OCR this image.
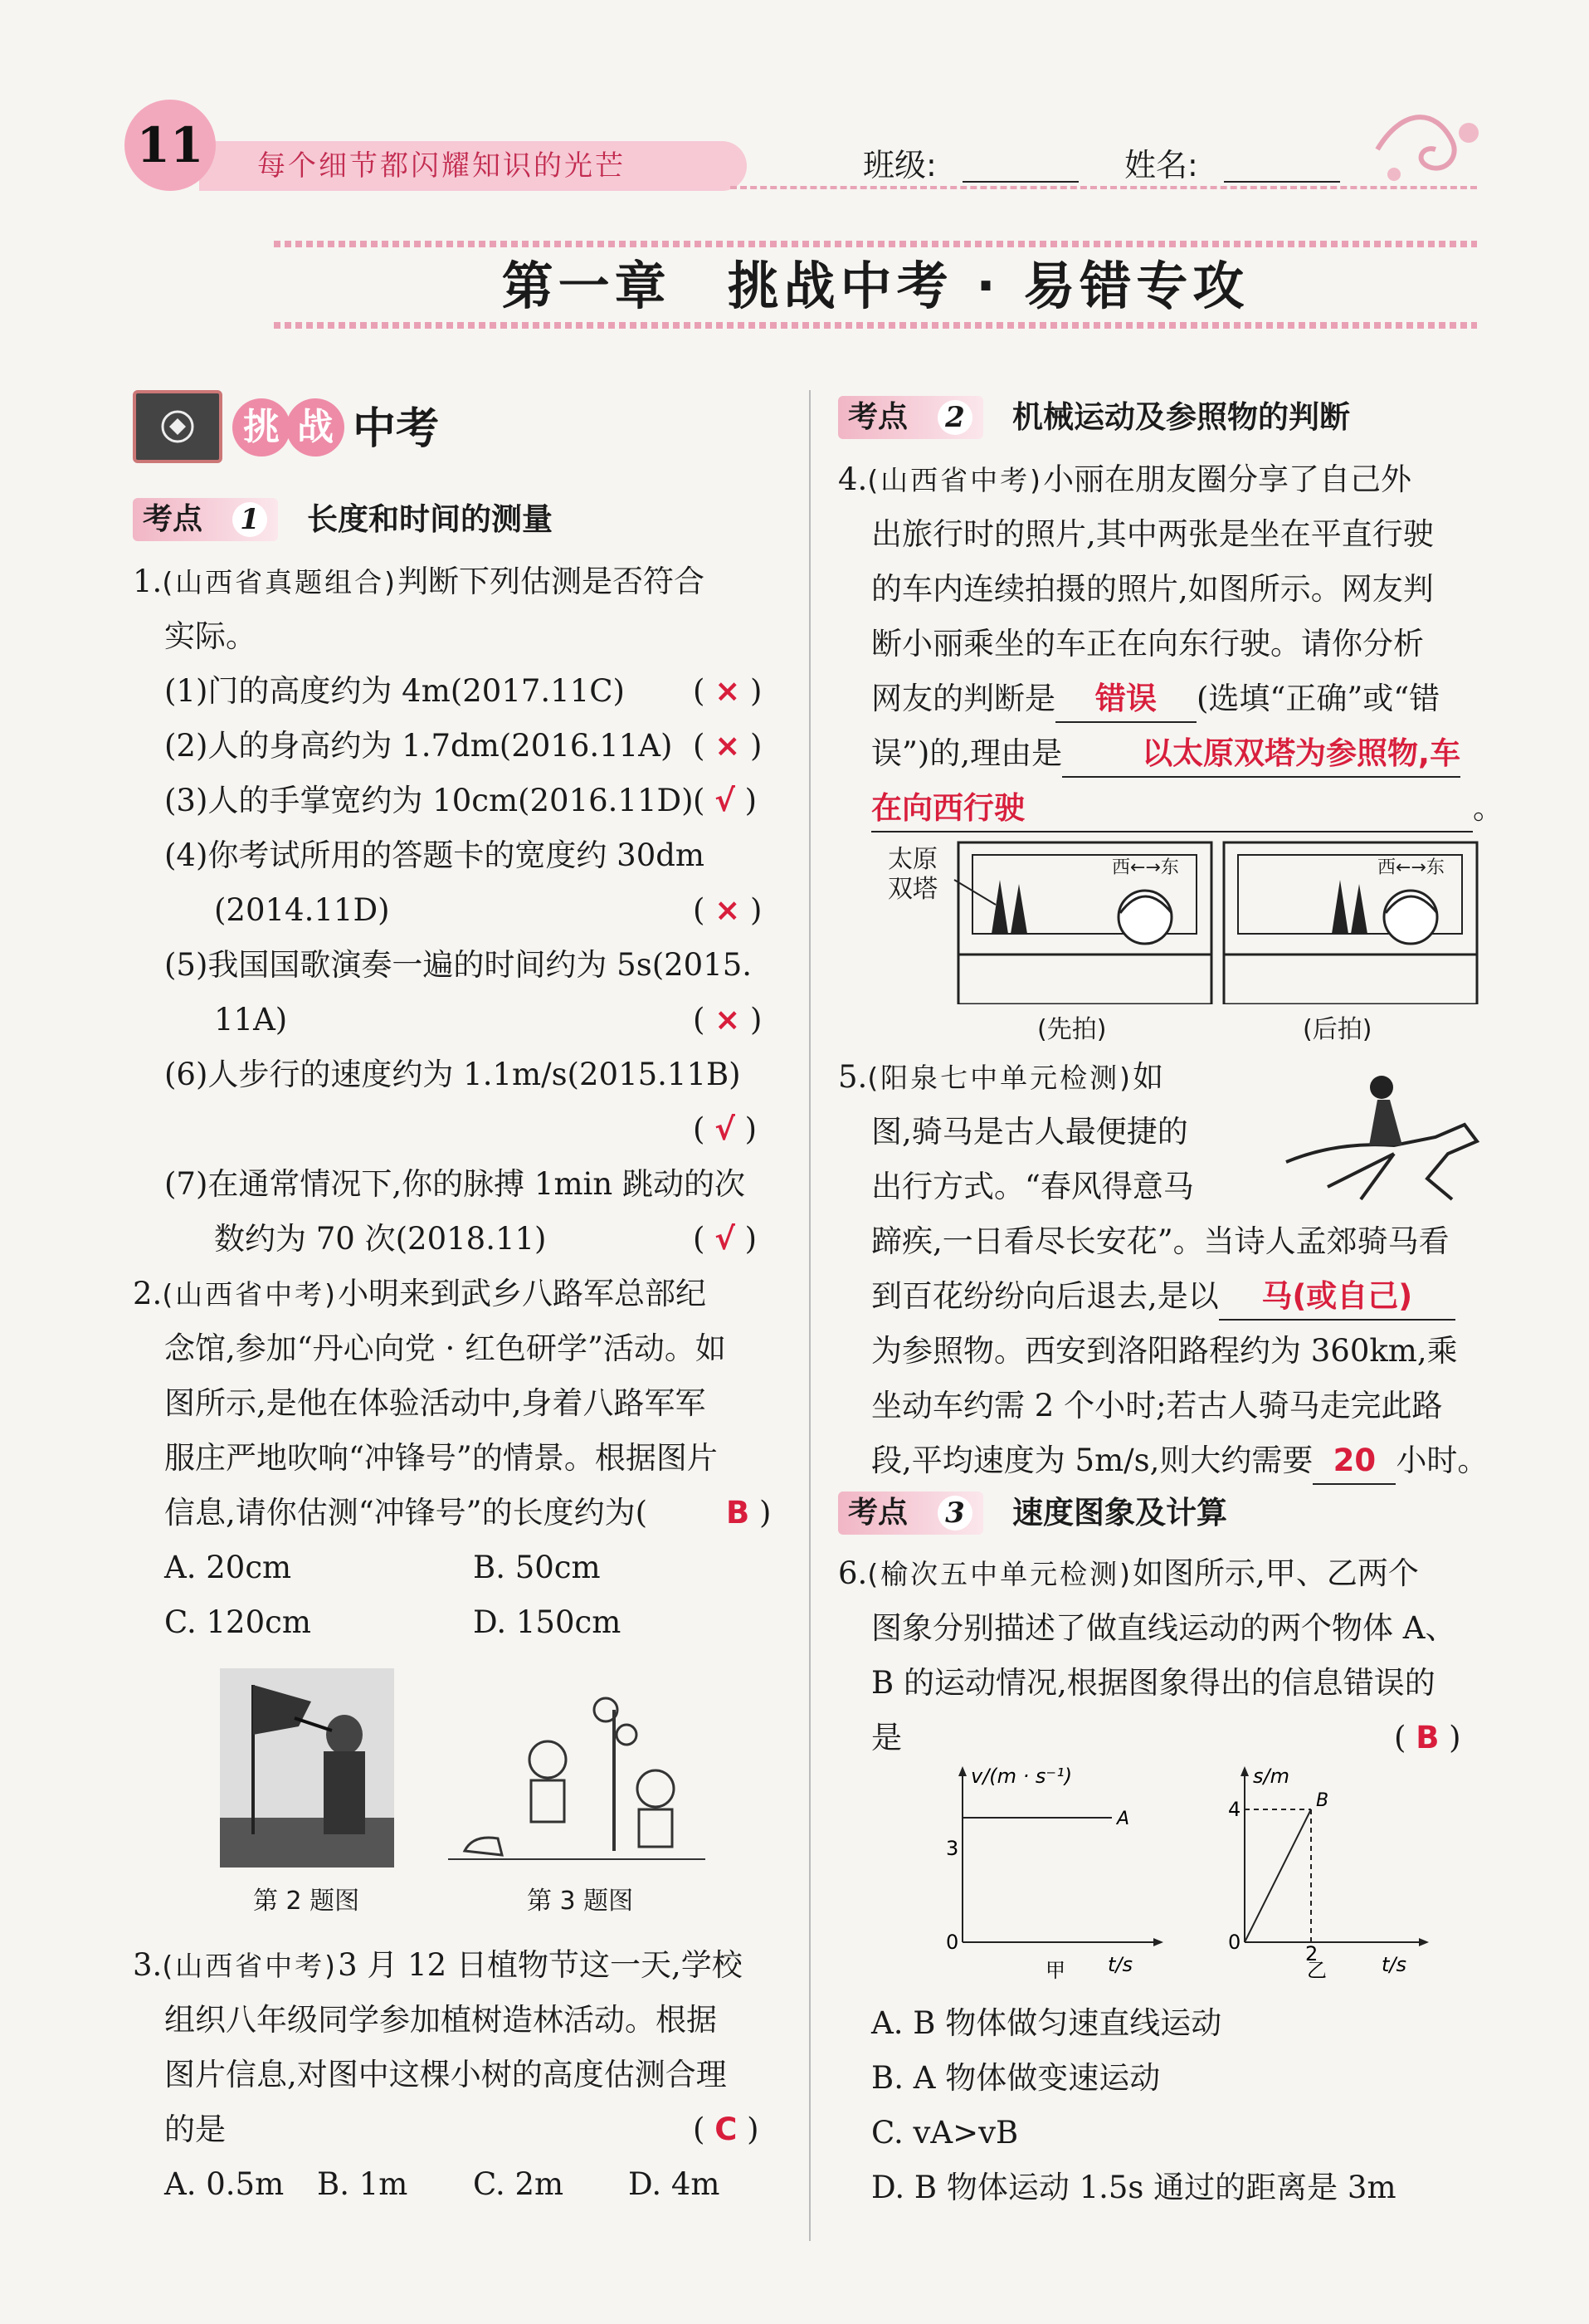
每个细节都闪耀知识的光芒
11	班级:	姓名:
第一章　挑战中考 · 易错专攻
挑 战 中考
考点 1 长度和时间的测量
1.(山西省真题组合)判断下列估测是否符合
实际。
(1)门的高度约为 4m(2017.11C) ( × )
(2)人的身高约为 1.7dm(2016.11A) ( × )
(3)人的手掌宽约为 10cm(2016.11D) ( √ )
(4)你考试所用的答题卡的宽度约 30dm
(2014.11D)	( × )
(5)我国国歌演奏一遍的时间约为 5s(2015.
11A)	( × )
(6)人步行的速度约为 1.1m/s(2015.11B)
( √ )
(7)在通常情况下,你的脉搏 1min 跳动的次
数约为 70 次(2018.11)	( √ )
2.(山西省中考)小明来到武乡八路军总部纪
念馆,参加“丹心向党 · 红色研学”活动。如
图所示,是他在体验活动中,身着八路军军
服庄严地吹响“冲锋号”的情景。根据图片
信息,请你估测“冲锋号”的长度约为(	B )
A. 20cm	B. 50cm
C. 120cm	D. 150cm
第 2 题图	第 3 题图
3.(山西省中考)3 月 12 日植物节这一天,学校
组织八年级同学参加植树造林活动。根据
图片信息,对图中这棵小树的高度估测合理
的是	( C )
A. 0.5m B. 1m C. 2m D. 4m
考点 2 机械运动及参照物的判断
4.(山西省中考)小丽在朋友圈分享了自己外
出旅行时的照片,其中两张是坐在平直行驶
的车内连续拍摄的照片,如图所示。网友判
断小丽乘坐的车正在向东行驶。请你分析
网友的判断是 错误 (选填“正确”或“错
误”)的,理由是	以太原双塔为参照物,车
在向西行驶	。
太原双塔
西←→东	西←→东
(先拍)	(后拍)
5.(阳泉七中单元检测)如
图,骑马是古人最便捷的
出行方式。“春风得意马
蹄疾,一日看尽长安花”。当诗人孟郊骑马看
到百花纷纷向后退去,是以 马(或自己)
为参照物。西安到洛阳路程约为 360km,乘
坐动车约需 2 个小时;若古人骑马走完此路
段,平均速度为 5m/s,则大约需要 20 小时。
考点 3 速度图象及计算
6.(榆次五中单元检测)如图所示,甲、乙两个
图象分别描述了做直线运动的两个物体 A、
B 的运动情况,根据图象得出的信息错误的
是	( B )
v/(m · s⁻¹)
t/s
0
3
甲
A
s/m
t/s
0
乙
4
2
B
A. B 物体做匀速直线运动
B. A 物体做变速运动
C. vA>vB
D. B 物体运动 1.5s 通过的距离是 3m
